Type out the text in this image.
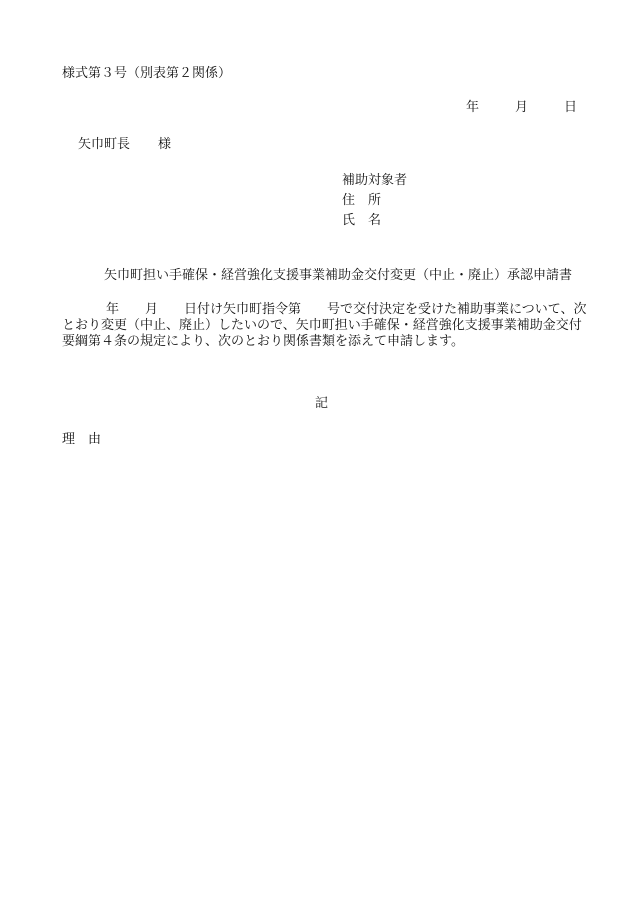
様式第３号（別表第２関係）
年	月	日
矢巾町長 様
補助対象者
住　所
氏　名
矢巾町担い手確保・経営強化支援事業補助金交付変更（中止・廃止）承認申請書
年　　月　　日付け矢巾町指令第　　号で交付決定を受けた補助事業について、次とおり変更（中止、廃止）したいので、矢巾町担い手確保・経営強化支援事業補助金交付要綱第４条の規定により、次のとおり関係書類を添えて申請します。
記
理　由
